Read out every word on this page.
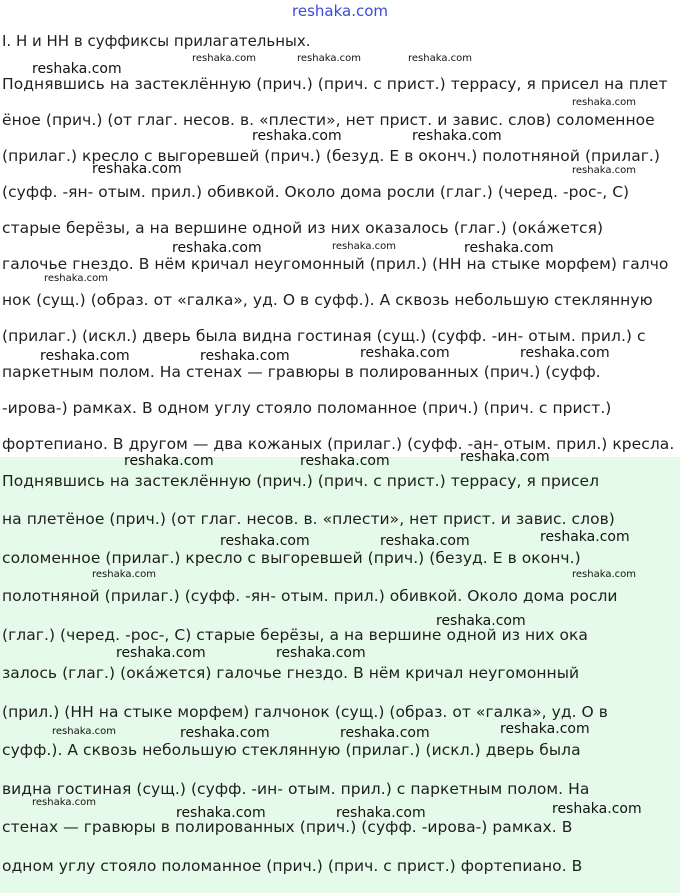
reshaka.com
I. Н и НН в суффиксы прилагательных.
Поднявшись на застеклённую (прич.) (прич. с прист.) террасу, я присел на плет
ёное (прич.) (от глаг. несов. в. «плести», нет прист. и завис. слов) соломенное
(прилаг.) кресло с выгоревшей (прич.) (безуд. Е в оконч.) полотняной (прилаг.)
(суфф. -ян- отым. прил.) обивкой. Около дома росли (глаг.) (черед. -рос-, С)
старые берёзы, а на вершине одной из них оказалось (глаг.) (окáжется)
галочье гнездо. В нём кричал неугомонный (прил.) (НН на стыке морфем) галчо
нок (сущ.) (образ. от «галка», уд. О в суфф.). А сквозь небольшую стеклянную
(прилаг.) (искл.) дверь была видна гостиная (сущ.) (суфф. -ин- отым. прил.) с
паркетным полом. На стенах — гравюры в полированных (прич.) (суфф.
-ирова-) рамках. В одном углу стояло поломанное (прич.) (прич. с прист.)
фортепиано. В другом — два кожаных (прилаг.) (суфф. -ан- отым. прил.) кресла.
Поднявшись на застеклённую (прич.) (прич. с прист.) террасу, я присел
на плетёное (прич.) (от глаг. несов. в. «плести», нет прист. и завис. слов)
соломенное (прилаг.) кресло с выгоревшей (прич.) (безуд. Е в оконч.)
полотняной (прилаг.) (суфф. -ян- отым. прил.) обивкой. Около дома росли
(глаг.) (черед. -рос-, С) старые берёзы, а на вершине одной из них ока
залось (глаг.) (окáжется) галочье гнездо. В нём кричал неугомонный
(прил.) (НН на стыке морфем) галчонок (сущ.) (образ. от «галка», уд. О в
суфф.). А сквозь небольшую стеклянную (прилаг.) (искл.) дверь была
видна гостиная (сущ.) (суфф. -ин- отым. прил.) с паркетным полом. На
стенах — гравюры в полированных (прич.) (суфф. -ирова-) рамках. В
одном углу стояло поломанное (прич.) (прич. с прист.) фортепиано. В
reshaka.com	reshaka.com	reshaka.com
reshaka.com
reshaka.com
reshaka.com	reshaka.com
reshaka.com	reshaka.com
reshaka.com	reshaka.com	reshaka.com
reshaka.com
reshaka.com	reshaka.com	reshaka.com	reshaka.com
reshaka.com	reshaka.com	reshaka.com
reshaka.com
reshaka.com	reshaka.com
reshaka.com	reshaka.com
reshaka.com
reshaka.com	reshaka.com
reshaka.com
reshaka.com	reshaka.com
reshaka.com
reshaka.com	reshaka.com
reshaka.com	reshaka.com
